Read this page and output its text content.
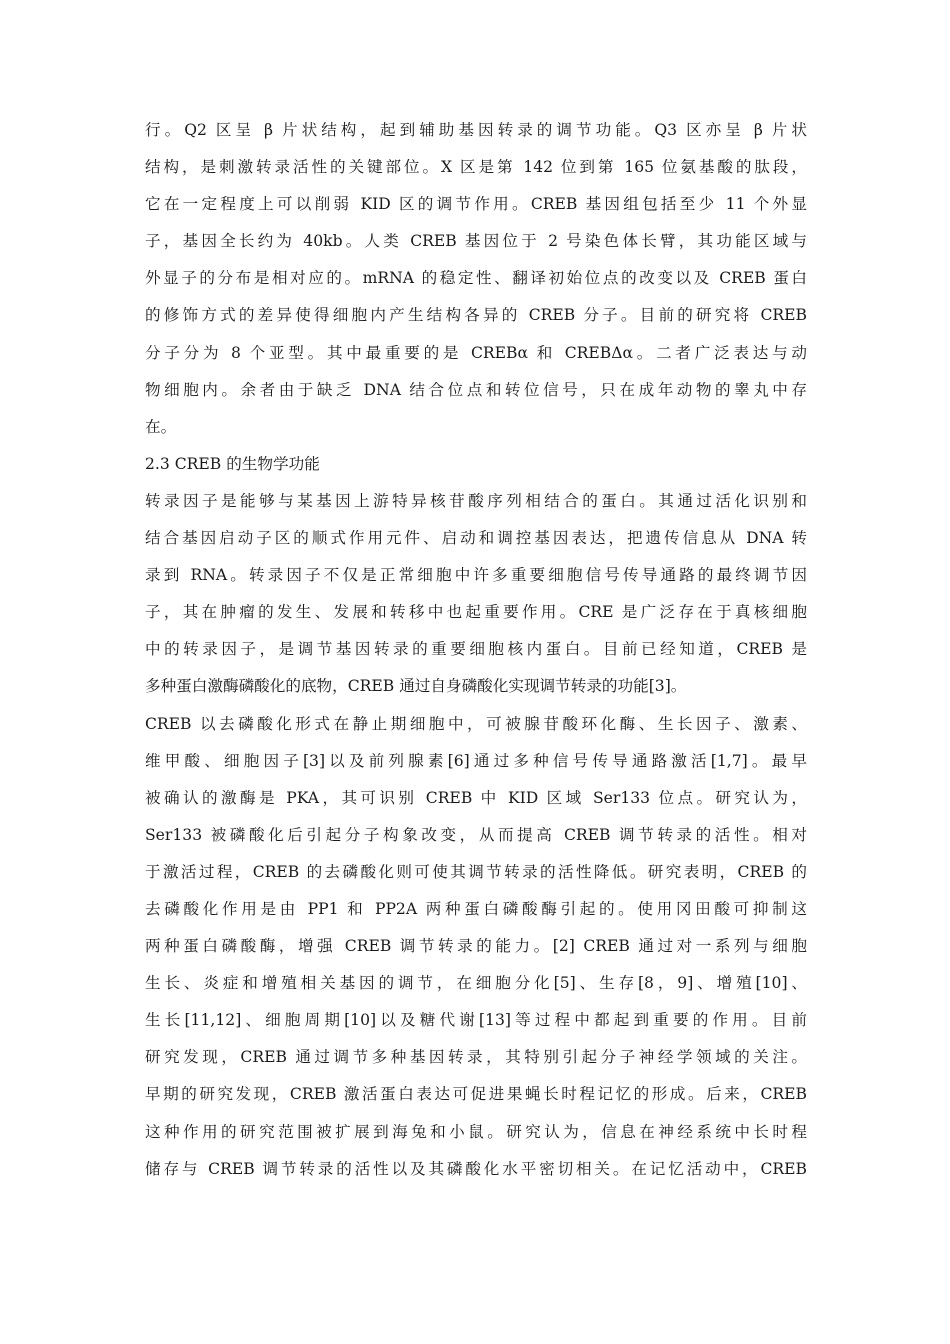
行。Q2 区呈 β 片状结构，起到辅助基因转录的调节功能。Q3 区亦呈 β 片状
结构，是刺激转录活性的关键部位。X 区是第 142 位到第 165 位氨基酸的肽段，
它在一定程度上可以削弱 KID 区的调节作用。CREB 基因组包括至少 11 个外显
子，基因全长约为 40kb。人类 CREB 基因位于 2 号染色体长臂，其功能区域与
外显子的分布是相对应的。mRNA 的稳定性、翻译初始位点的改变以及 CREB 蛋白
的修饰方式的差异使得细胞内产生结构各异的 CREB 分子。目前的研究将 CREB
分子分为 8 个亚型。其中最重要的是 CREBα 和 CREBΔα。二者广泛表达与动
物细胞内。余者由于缺乏 DNA 结合位点和转位信号，只在成年动物的睾丸中存
在。
2.3 CREB 的生物学功能
转录因子是能够与某基因上游特异核苷酸序列相结合的蛋白。其通过活化识别和
结合基因启动子区的顺式作用元件、启动和调控基因表达，把遗传信息从 DNA 转
录到 RNA。转录因子不仅是正常细胞中许多重要细胞信号传导通路的最终调节因
子，其在肿瘤的发生、发展和转移中也起重要作用。CRE 是广泛存在于真核细胞
中的转录因子，是调节基因转录的重要细胞核内蛋白。目前已经知道，CREB 是
多种蛋白激酶磷酸化的底物，CREB 通过自身磷酸化实现调节转录的功能[3]。
CREB 以去磷酸化形式在静止期细胞中，可被腺苷酸环化酶、生长因子、激素、
维甲酸、细胞因子[3]以及前列腺素[6]通过多种信号传导通路激活[1,7]。最早
被确认的激酶是 PKA，其可识别 CREB 中 KID 区域 Ser133 位点。研究认为，
Ser133 被磷酸化后引起分子构象改变，从而提高 CREB 调节转录的活性。相对
于激活过程，CREB 的去磷酸化则可使其调节转录的活性降低。研究表明，CREB 的
去磷酸化作用是由 PP1 和 PP2A 两种蛋白磷酸酶引起的。使用冈田酸可抑制这
两种蛋白磷酸酶，增强 CREB 调节转录的能力。[2] CREB 通过对一系列与细胞
生长、炎症和增殖相关基因的调节，在细胞分化[5]、生存[8，9]、增殖[10]、
生长[11,12]、细胞周期[10]以及糖代谢[13]等过程中都起到重要的作用。目前
研究发现，CREB 通过调节多种基因转录，其特别引起分子神经学领域的关注。
早期的研究发现，CREB 激活蛋白表达可促进果蝇长时程记忆的形成。后来，CREB
这种作用的研究范围被扩展到海兔和小鼠。研究认为，信息在神经系统中长时程
储存与 CREB 调节转录的活性以及其磷酸化水平密切相关。在记忆活动中，CREB
